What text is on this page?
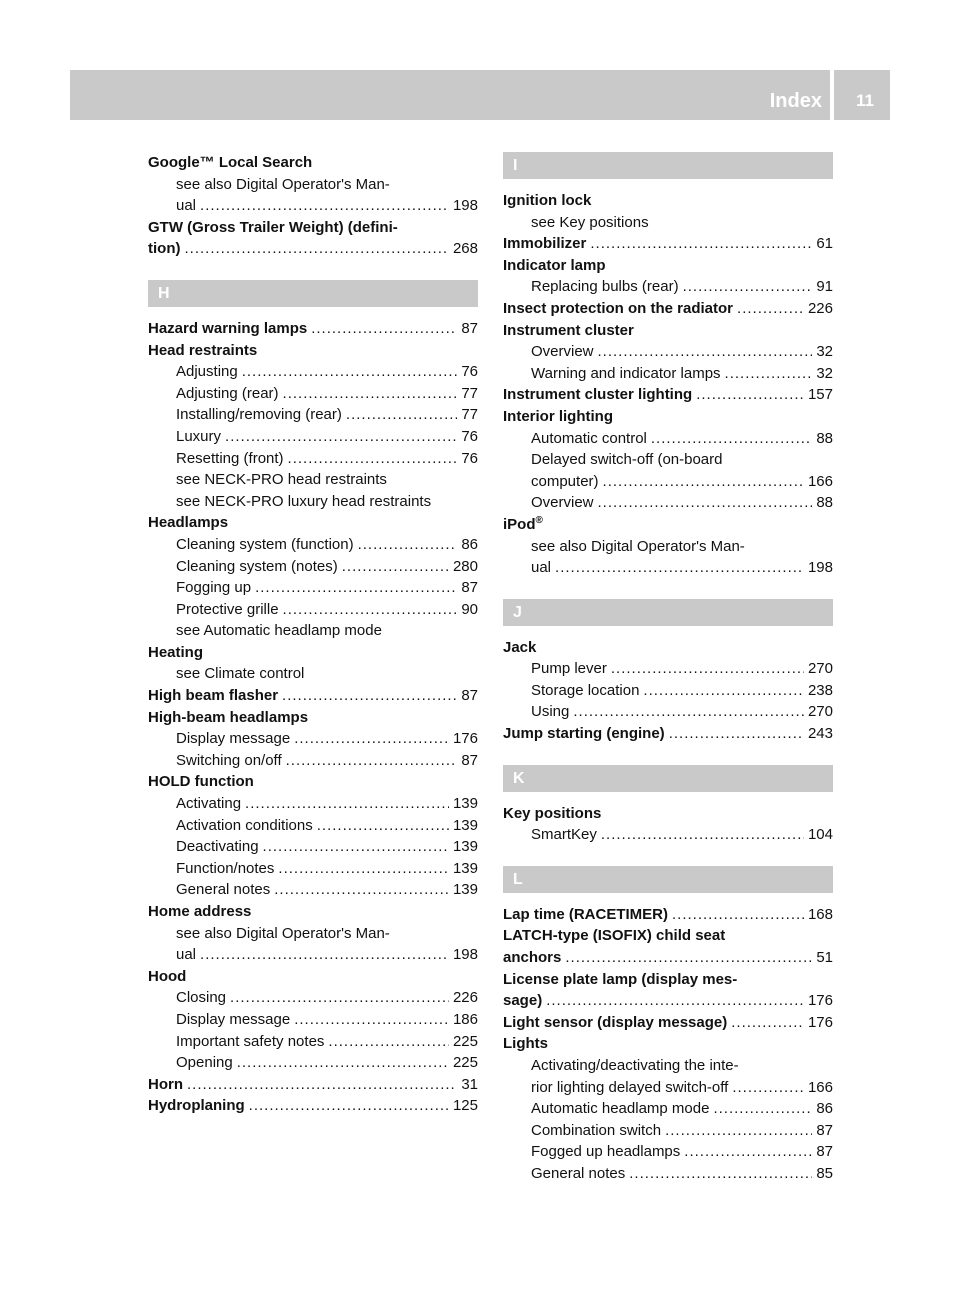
Index 11
Google™ Local Search
see also Digital Operator's Man-
ual .....	198
GTW (Gross Trailer Weight) (defini-
tion) .....	268
H
Hazard warning lamps .....	87
Head restraints
Adjusting .....	76
Adjusting (rear) .....	77
Installing/removing (rear) .....	77
Luxury .....	76
Resetting (front) .....	76
see NECK-PRO head restraints
see NECK-PRO luxury head restraints
Headlamps
Cleaning system (function) .....	86
Cleaning system (notes) .....	280
Fogging up .....	87
Protective grille .....	90
see Automatic headlamp mode
Heating
see Climate control
High beam flasher .....	87
High-beam headlamps
Display message .....	176
Switching on/off .....	87
HOLD function
Activating .....	139
Activation conditions .....	139
Deactivating .....	139
Function/notes .....	139
General notes .....	139
Home address
see also Digital Operator's Man-
ual .....	198
Hood
Closing .....	226
Display message .....	186
Important safety notes .....	225
Opening .....	225
Horn .....	31
Hydroplaning .....	125
I
Ignition lock
see Key positions
Immobilizer .....	61
Indicator lamp
Replacing bulbs (rear) .....	91
Insect protection on the radiator .....	226
Instrument cluster
Overview .....	32
Warning and indicator lamps .....	32
Instrument cluster lighting .....	157
Interior lighting
Automatic control .....	88
Delayed switch-off (on-board
computer) .....	166
Overview .....	88
iPod®
see also Digital Operator's Man-
ual .....	198
J
Jack
Pump lever .....	270
Storage location .....	238
Using .....	270
Jump starting (engine) .....	243
K
Key positions
SmartKey .....	104
L
Lap time (RACETIMER) .....	168
LATCH-type (ISOFIX) child seat
anchors .....	51
License plate lamp (display mes-
sage) .....	176
Light sensor (display message) .....	176
Lights
Activating/deactivating the inte-
rior lighting delayed switch-off .....	166
Automatic headlamp mode .....	86
Combination switch .....	87
Fogged up headlamps .....	87
General notes .....	85
